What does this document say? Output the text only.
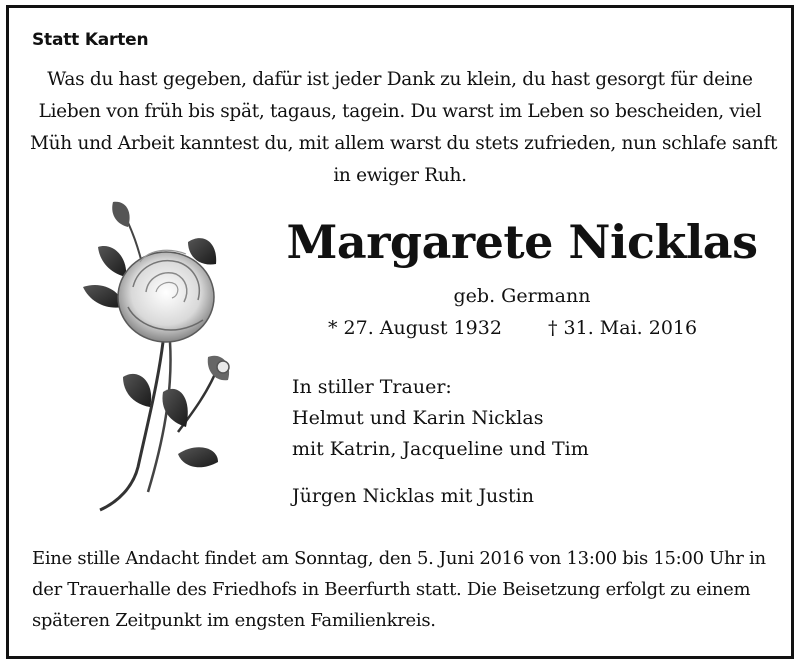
Statt Karten
Was du hast gegeben, dafür ist jeder Dank zu klein, du hast gesorgt für deine
Lieben von früh bis spät, tagaus, tagein. Du warst im Leben so bescheiden, viel
Müh und Arbeit kanntest du, mit allem warst du stets zufrieden, nun schlafe sanft
in ewiger Ruh.
Margarete Nicklas
geb. Germann
* 27. August 1932 † 31. Mai. 2016
In stiller Trauer:
Helmut und Karin Nicklas
mit Katrin, Jacqueline und Tim
Jürgen Nicklas mit Justin
Eine stille Andacht findet am Sonntag, den 5. Juni 2016 von 13:00 bis 15:00 Uhr in
der Trauerhalle des Friedhofs in Beerfurth statt. Die Beisetzung erfolgt zu einem
späteren Zeitpunkt im engsten Familienkreis.
